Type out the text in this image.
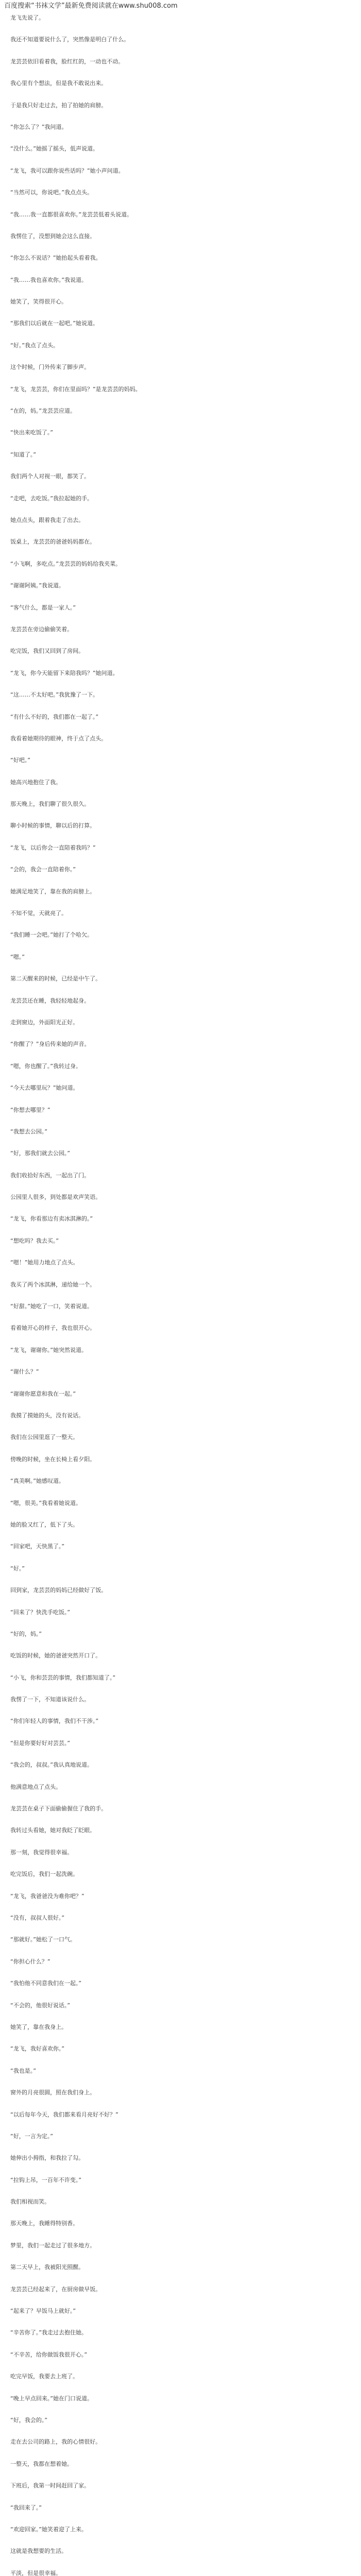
百度搜索“书袜文学”最新免费阅读就在www.shu008.com
龙飞先说了。
我还不知道要说什么了，突然像是明白了什么。
龙芸芸依旧看着我，脸红红的，一动也不动。
我心里有个想法，但是我不敢说出来。
于是我只好走过去，拍了拍她的肩膀。
“你怎么了？”我问道。
“没什么。”她摇了摇头，低声说道。
“龙飞，我可以跟你说些话吗？”她小声问道。
“当然可以，你说吧。”我点点头。
“我……我一直都很喜欢你。”龙芸芸低着头说道。
我愣住了，没想到她会这么直接。
“你怎么不说话？”她抬起头看着我。
“我……我也喜欢你。”我说道。
她笑了，笑得很开心。
“那我们以后就在一起吧。”她说道。
“好。”我点了点头。
这个时候，门外传来了脚步声。
“龙飞，龙芸芸，你们在里面吗？”是龙芸芸的妈妈。
“在的，妈。”龙芸芸应道。
“快出来吃饭了。”
“知道了。”
我们两个人对视一眼，都笑了。
“走吧，去吃饭。”我拉起她的手。
她点点头，跟着我走了出去。
饭桌上，龙芸芸的爸爸妈妈都在。
“小飞啊，多吃点。”龙芸芸的妈妈给我夹菜。
“谢谢阿姨。”我说道。
“客气什么，都是一家人。”
龙芸芸在旁边偷偷笑着。
吃完饭，我们又回到了房间。
“龙飞，你今天能留下来陪我吗？”她问道。
“这……不太好吧。”我犹豫了一下。
“有什么不好的，我们都在一起了。”
我看着她期待的眼神，终于点了点头。
“好吧。”
她高兴地抱住了我。
那天晚上，我们聊了很久很久。
聊小时候的事情，聊以后的打算。
“龙飞，以后你会一直陪着我吗？”
“会的，我会一直陪着你。”
她满足地笑了，靠在我的肩膀上。
不知不觉，天就亮了。
“我们睡一会吧。”她打了个哈欠。
“嗯。”
第二天醒来的时候，已经是中午了。
龙芸芸还在睡，我轻轻地起身。
走到窗边，外面阳光正好。
“你醒了？”身后传来她的声音。
“嗯，你也醒了。”我转过身。
“今天去哪里玩？”她问道。
“你想去哪里？”
“我想去公园。”
“好，那我们就去公园。”
我们收拾好东西，一起出了门。
公园里人很多，到处都是欢声笑语。
“龙飞，你看那边有卖冰淇淋的。”
“想吃吗？我去买。”
“嗯！”她用力地点了点头。
我买了两个冰淇淋，递给她一个。
“好甜。”她吃了一口，笑着说道。
看着她开心的样子，我也很开心。
“龙飞，谢谢你。”她突然说道。
“谢什么？”
“谢谢你愿意和我在一起。”
我摸了摸她的头，没有说话。
我们在公园里逛了一整天。
傍晚的时候，坐在长椅上看夕阳。
“真美啊。”她感叹道。
“嗯，很美。”我看着她说道。
她的脸又红了，低下了头。
“回家吧，天快黑了。”
“好。”
回到家，龙芸芸的妈妈已经做好了饭。
“回来了？快洗手吃饭。”
“好的，妈。”
吃饭的时候，她的爸爸突然开口了。
“小飞，你和芸芸的事情，我们都知道了。”
我愣了一下，不知道该说什么。
“你们年轻人的事情，我们不干涉。”
“但是你要好好对芸芸。”
“我会的，叔叔。”我认真地说道。
他满意地点了点头。
龙芸芸在桌子下面偷偷握住了我的手。
我转过头看她，她对我眨了眨眼。
那一刻，我觉得很幸福。
吃完饭后，我们一起洗碗。
“龙飞，我爸爸没为难你吧？”
“没有，叔叔人很好。”
“那就好。”她松了一口气。
“你担心什么？”
“我怕他不同意我们在一起。”
“不会的，他很好说话。”
她笑了，靠在我身上。
“龙飞，我好喜欢你。”
“我也是。”
窗外的月亮很圆，照在我们身上。
“以后每年今天，我们都来看月亮好不好？”
“好，一言为定。”
她伸出小拇指，和我拉了勾。
“拉钩上吊，一百年不许变。”
我们相视而笑。
那天晚上，我睡得特别香。
梦里，我们一起走过了很多地方。
第二天早上，我被阳光照醒。
龙芸芸已经起来了，在厨房做早饭。
“起来了？早饭马上就好。”
“辛苦你了。”我走过去抱住她。
“不辛苦，给你做饭我很开心。”
吃完早饭，我要去上班了。
“晚上早点回来。”她在门口说道。
“好，我会的。”
走在去公司的路上，我的心情很好。
一整天，我都在想着她。
下班后，我第一时间赶回了家。
“我回来了。”
“欢迎回家。”她笑着迎了上来。
这就是我想要的生活。
平淡，但是很幸福。
